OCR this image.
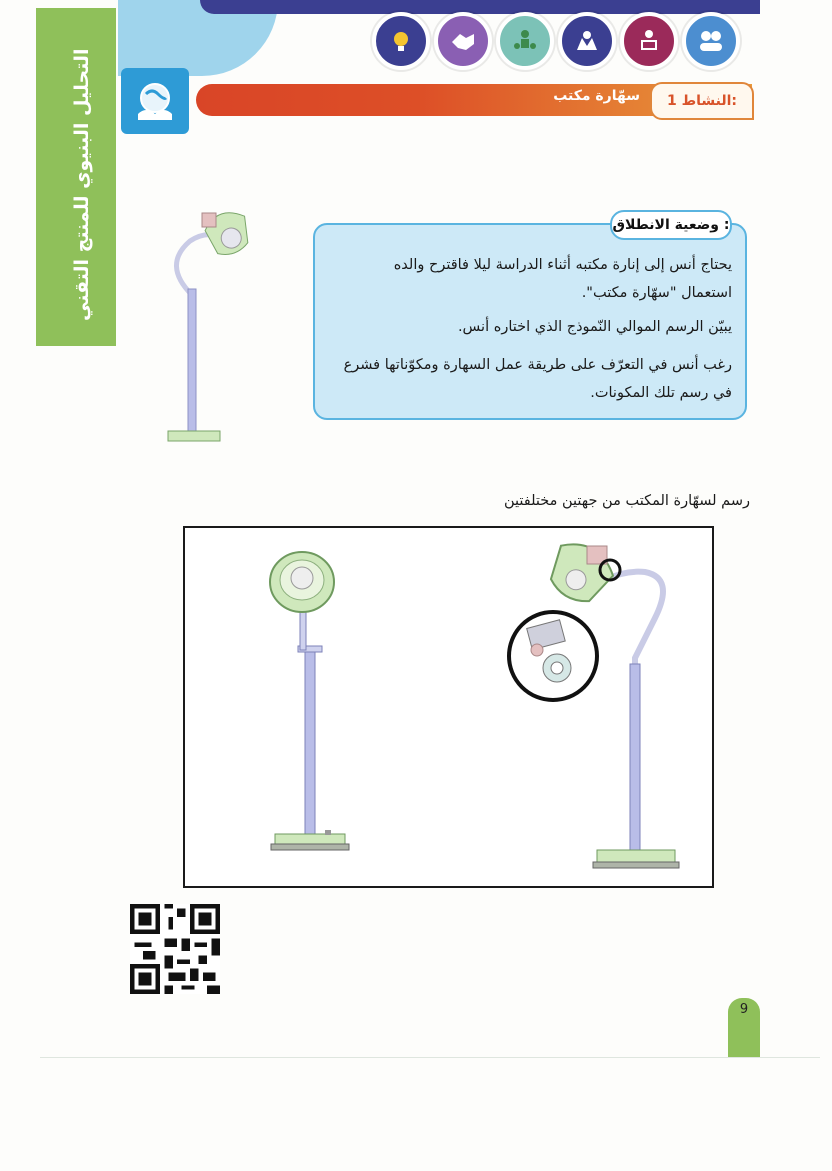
التحليل البنيوي للمنتج التقني	سهّارة مكتب	النشاط 1:
وضعية الانطلاق :
يحتاج أنس إلى إنارة مكتبه أثناء الدراسة ليلا فاقترح والده استعمال "سهّارة مكتب".
يبيّن الرسم الموالي النّموذج الذي اختاره أنس.
رغب أنس في التعرّف على طريقة عمل السهارة ومكوّناتها فشرع في رسم تلك المكونات.
رسم لسهّارة المكتب من جهتين مختلفتين
9
